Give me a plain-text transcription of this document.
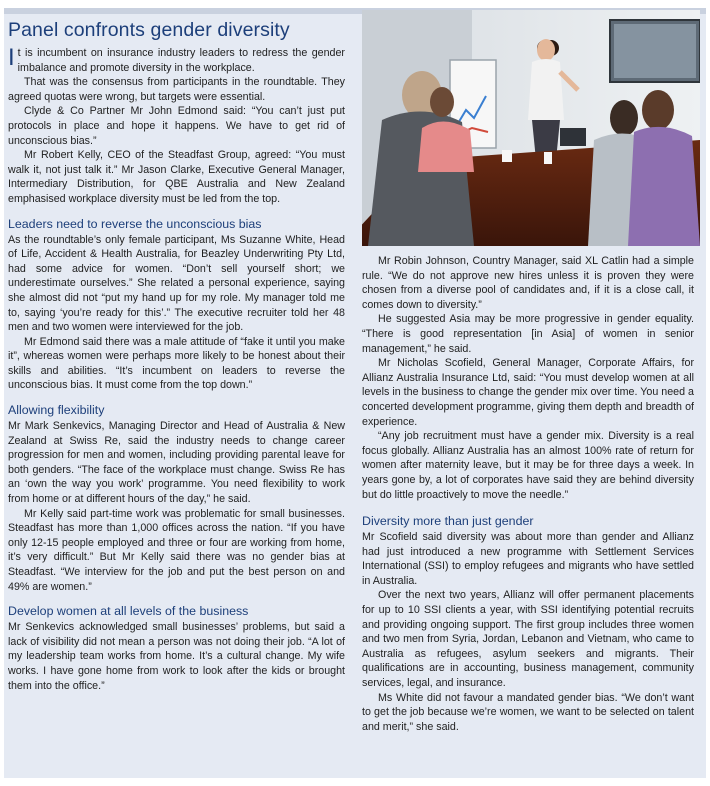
Panel confronts gender diversity

It is incumbent on insurance industry leaders to redress the gender imbalance and promote diversity in the workplace.

That was the consensus from participants in the roundtable. They agreed quotas were wrong, but targets were essential.

Clyde & Co Partner Mr John Edmond said: “You can’t just put protocols in place and hope it happens. We have to get rid of unconscious bias.”

Mr Robert Kelly, CEO of the Steadfast Group, agreed: “You must walk it, not just talk it.” Mr Jason Clarke, Executive General Manager, Intermediary Distribution, for QBE Australia and New Zealand emphasised workplace diversity must be led from the top.

Leaders need to reverse the unconscious bias

As the roundtable’s only female participant, Ms Suzanne White, Head of Life, Accident & Health Australia, for Beazley Underwriting Pty Ltd, had some advice for women. “Don’t sell yourself short; we underestimate ourselves.” She related a personal experience, saying she almost did not “put my hand up for my role. My manager told me to, saying ‘you’re ready for this’.” The executive recruiter told her 48 men and two women were interviewed for the job.

Mr Edmond said there was a male attitude of “fake it until you make it”, whereas women were perhaps more likely to be honest about their skills and abilities. “It’s incumbent on leaders to reverse the unconscious bias. It must come from the top down.”

Allowing flexibility

Mr Mark Senkevics, Managing Director and Head of Australia & New Zealand at Swiss Re, said the industry needs to change career progression for men and women, including providing parental leave for both genders. “The face of the workplace must change. Swiss Re has an ‘own the way you work’ programme. You need flexibility to work from home or at different hours of the day,” he said.

Mr Kelly said part-time work was problematic for small businesses. Steadfast has more than 1,000 offices across the nation. “If you have only 12-15 people employed and three or four are working from home, it’s very difficult.” But Mr Kelly said there was no gender bias at Steadfast. “We interview for the job and put the best person on and 49% are women.”

Develop women at all levels of the business

Mr Senkevics acknowledged small businesses’ problems, but said a lack of visibility did not mean a person was not doing their job. “A lot of my leadership team works from home. It’s a cultural change. My wife works. I have gone home from work to look after the kids or brought them into the office.”

Mr Robin Johnson, Country Manager, said XL Catlin had a simple rule. “We do not approve new hires unless it is proven they were chosen from a diverse pool of candidates and, if it is a close call, it comes down to diversity.”

He suggested Asia may be more progressive in gender equality. “There is good representation [in Asia] of women in senior management,” he said.

Mr Nicholas Scofield, General Manager, Corporate Affairs, for Allianz Australia Insurance Ltd, said: “You must develop women at all levels in the business to change the gender mix over time. You need a concerted development programme, giving them depth and breadth of experience.

“Any job recruitment must have a gender mix. Diversity is a real focus globally. Allianz Australia has an almost 100% rate of return for women after maternity leave, but it may be for three days a week. In years gone by, a lot of corporates have said they are behind diversity but do little proactively to move the needle.”

Diversity more than just gender

Mr Scofield said diversity was about more than gender and Allianz had just introduced a new programme with Settlement Services International (SSI) to employ refugees and migrants who have settled in Australia.

Over the next two years, Allianz will offer permanent placements for up to 10 SSI clients a year, with SSI identifying potential recruits and providing ongoing support. The first group includes three women and two men from Syria, Jordan, Lebanon and Vietnam, who came to Australia as refugees, asylum seekers and migrants. Their qualifications are in accounting, business management, community services, legal, and insurance.

Ms White did not favour a mandated gender bias. “We don’t want to get the job because we’re women, we want to be selected on talent and merit,” she said.
